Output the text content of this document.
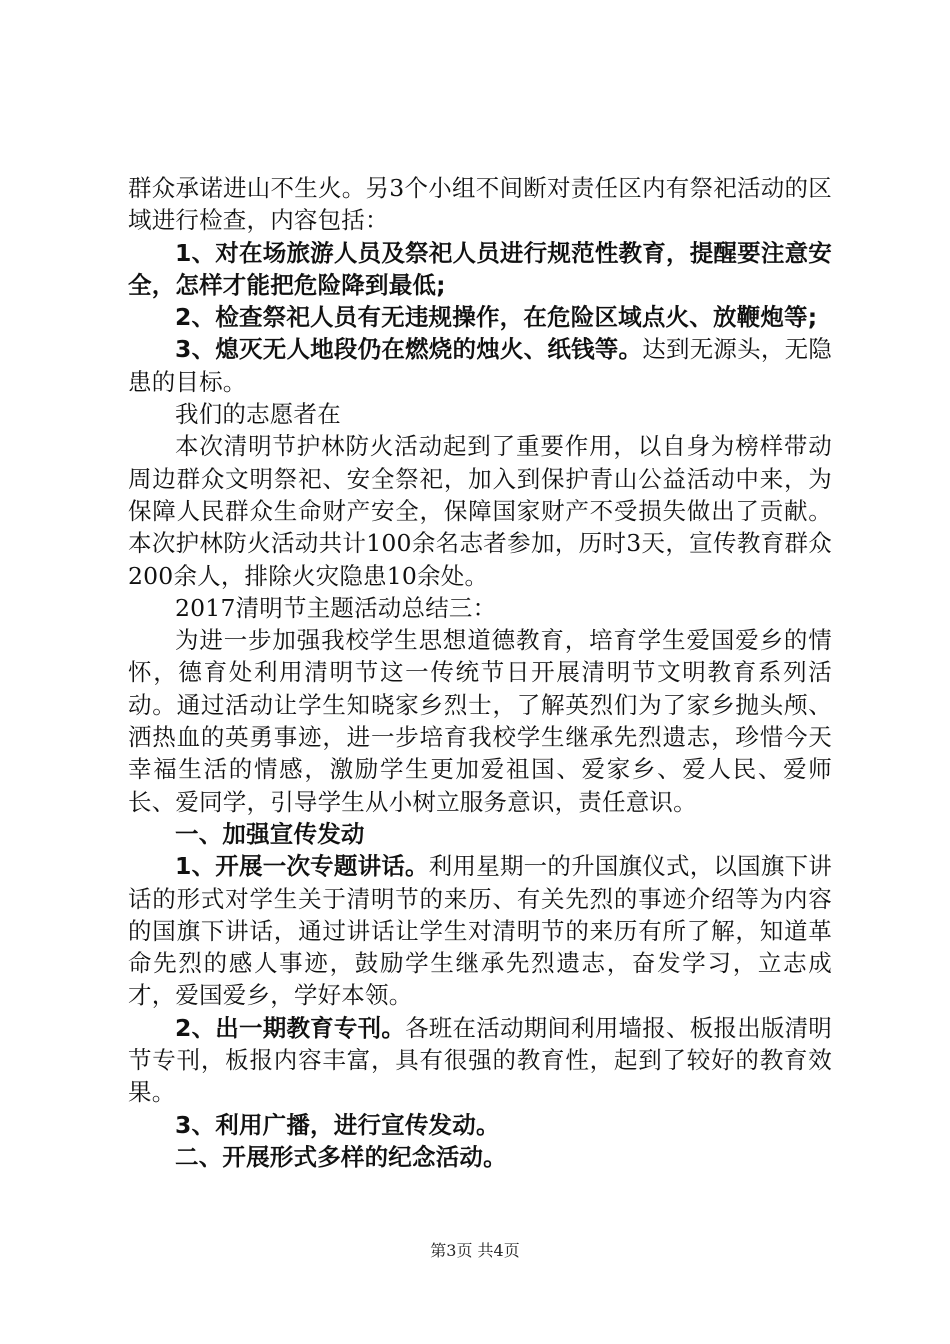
群众承诺进山不生火。另3个小组不间断对责任区内有祭祀活动的区域进行检查，内容包括：

1、对在场旅游人员及祭祀人员进行规范性教育，提醒要注意安全，怎样才能把危险降到最低;

2、检查祭祀人员有无违规操作，在危险区域点火、放鞭炮等;

3、熄灭无人地段仍在燃烧的烛火、纸钱等。达到无源头，无隐患的目标。

我们的志愿者在

本次清明节护林防火活动起到了重要作用，以自身为榜样带动周边群众文明祭祀、安全祭祀，加入到保护青山公益活动中来，为保障人民群众生命财产安全，保障国家财产不受损失做出了贡献。本次护林防火活动共计100余名志者参加，历时3天，宣传教育群众200余人，排除火灾隐患10余处。

2017清明节主题活动总结三：

为进一步加强我校学生思想道德教育，培育学生爱国爱乡的情怀，德育处利用清明节这一传统节日开展清明节文明教育系列活动。通过活动让学生知晓家乡烈士，了解英烈们为了家乡抛头颅、洒热血的英勇事迹，进一步培育我校学生继承先烈遗志，珍惜今天幸福生活的情感，激励学生更加爱祖国、爱家乡、爱人民、爱师长、爱同学，引导学生从小树立服务意识，责任意识。

一、加强宣传发动

1、开展一次专题讲话。利用星期一的升国旗仪式，以国旗下讲话的形式对学生关于清明节的来历、有关先烈的事迹介绍等为内容的国旗下讲话，通过讲话让学生对清明节的来历有所了解，知道革命先烈的感人事迹，鼓励学生继承先烈遗志，奋发学习，立志成才，爱国爱乡，学好本领。

2、出一期教育专刊。各班在活动期间利用墙报、板报出版清明节专刊，板报内容丰富，具有很强的教育性，起到了较好的教育效果。

3、利用广播，进行宣传发动。

二、开展形式多样的纪念活动。

第3页 共4页
